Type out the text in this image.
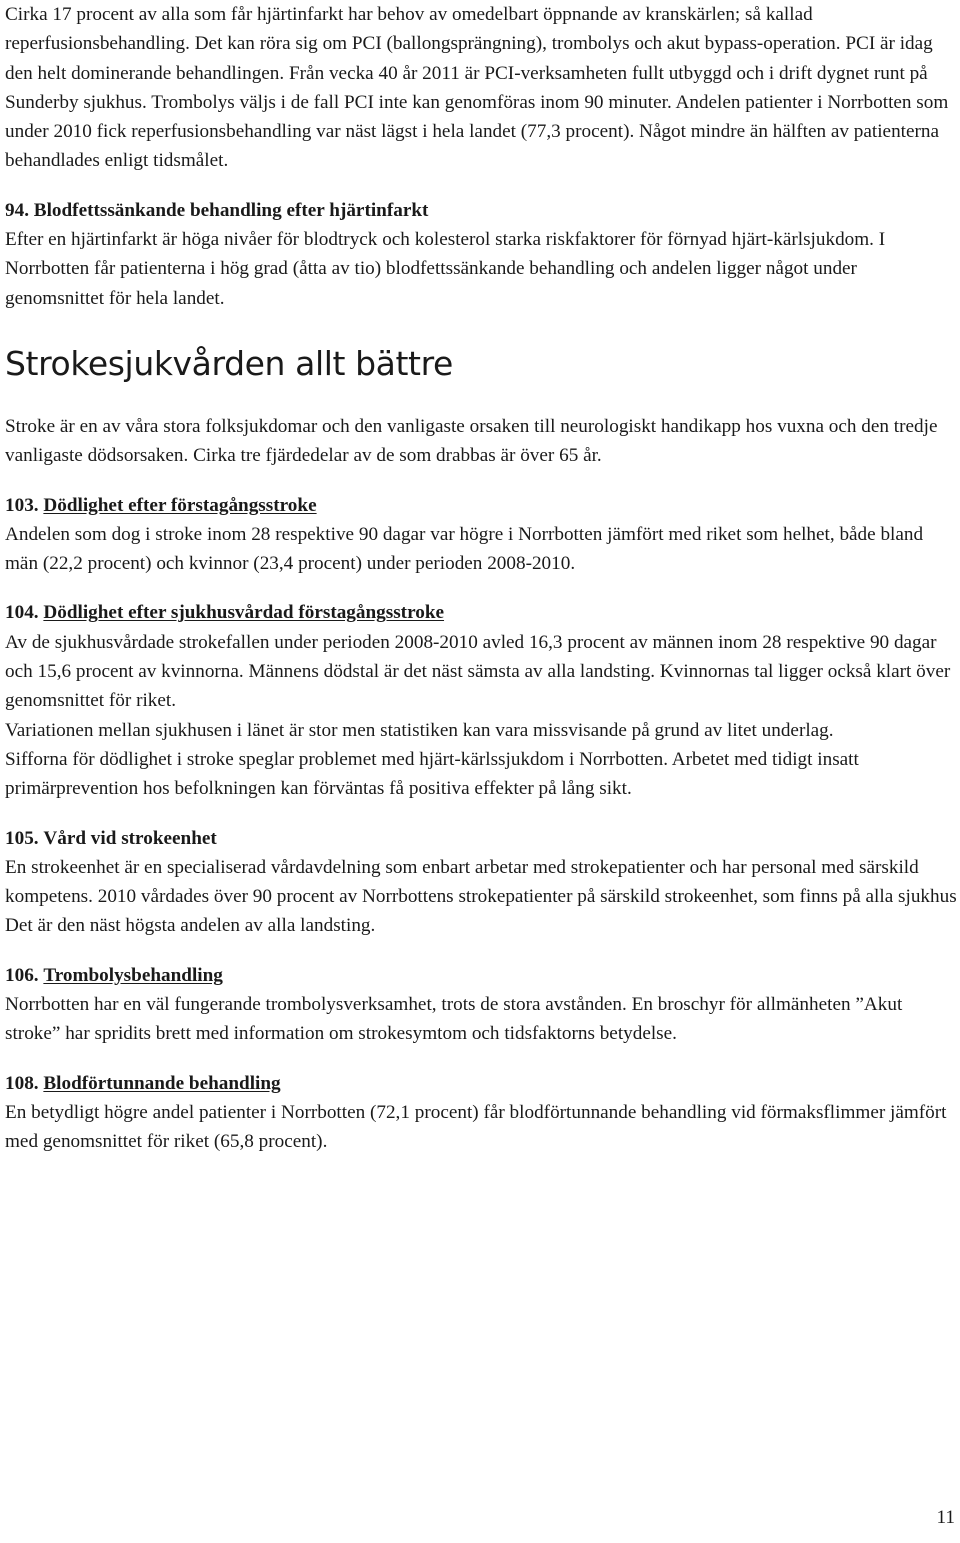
Cirka 17 procent av alla som får hjärtinfarkt har behov av omedelbart öppnande av kranskärlen; så kallad reperfusionsbehandling. Det kan röra sig om PCI (ballongsprängning), trombolys och akut bypass-operation. PCI är idag den helt dominerande behandlingen. Från vecka 40 år 2011 är PCI-verksamheten fullt utbyggd och i drift dygnet runt på Sunderby sjukhus. Trombolys väljs i de fall PCI inte kan genomföras inom 90 minuter. Andelen patienter i Norrbotten som under 2010 fick reperfusionsbehandling var näst lägst i hela landet (77,3 procent). Något mindre än hälften av patienterna behandlades enligt tidsmålet.

94. Blodfettssänkande behandling efter hjärtinfarkt

Efter en hjärtinfarkt är höga nivåer för blodtryck och kolesterol starka riskfaktorer för förnyad hjärt-kärlsjukdom. I Norrbotten får patienterna i hög grad (åtta av tio) blodfettssänkande behandling och andelen ligger något under genomsnittet för hela landet.

Strokesjukvården allt bättre

Stroke är en av våra stora folksjukdomar och den vanligaste orsaken till neurologiskt handikapp hos vuxna och den tredje vanligaste dödsorsaken. Cirka tre fjärdedelar av de som drabbas är över 65 år.

103. Dödlighet efter förstagångsstroke

Andelen som dog i stroke inom 28 respektive 90 dagar var högre i Norrbotten jämfört med riket som helhet, både bland män (22,2 procent) och kvinnor (23,4 procent) under perioden 2008-2010.

104. Dödlighet efter sjukhusvårdad förstagångsstroke

Av de sjukhusvårdade strokefallen under perioden 2008-2010 avled 16,3 procent av männen inom 28 respektive 90 dagar och 15,6 procent av kvinnorna. Männens dödstal är det näst sämsta av alla landsting. Kvinnornas tal ligger också klart över genomsnittet för riket.

Variationen mellan sjukhusen i länet är stor men statistiken kan vara missvisande på grund av litet underlag.

Sifforna för dödlighet i stroke speglar problemet med hjärt-kärlssjukdom i Norrbotten. Arbetet med tidigt insatt primärprevention hos befolkningen kan förväntas få positiva effekter på lång sikt.

105. Vård vid strokeenhet

En strokeenhet är en specialiserad vårdavdelning som enbart arbetar med strokepatienter och har personal med särskild kompetens. 2010 vårdades över 90 procent av Norrbottens strokepatienter på särskild strokeenhet, som finns på alla sjukhus Det är den näst högsta andelen av alla landsting.

106. Trombolysbehandling

Norrbotten har en väl fungerande trombolysverksamhet, trots de stora avstånden. En broschyr för allmänheten ”Akut stroke” har spridits brett med information om strokesymtom och tidsfaktorns betydelse.

108. Blodförtunnande behandling

En betydligt högre andel patienter i Norrbotten (72,1 procent) får blodförtunnande behandling vid förmaksflimmer jämfört med genomsnittet för riket (65,8 procent).

11
